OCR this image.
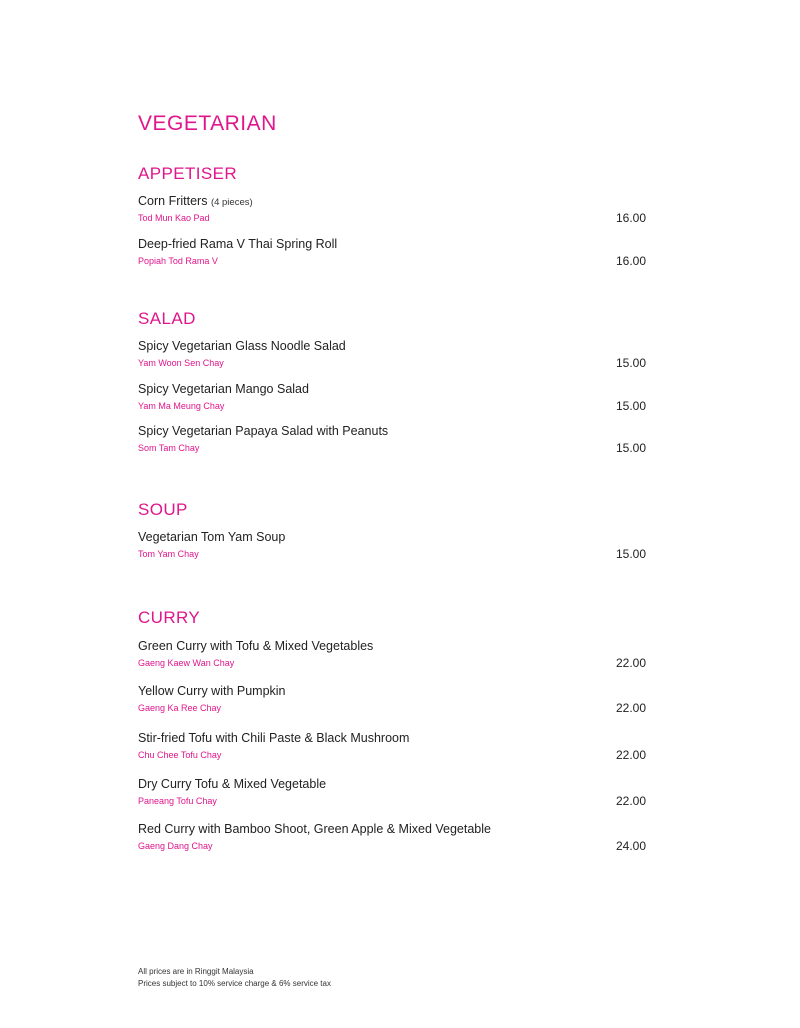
VEGETARIAN
APPETISER
Corn Fritters (4 pieces)
Tod Mun Kao Pad	16.00
Deep-fried Rama V Thai Spring Roll
Popiah Tod Rama V	16.00
SALAD
Spicy Vegetarian Glass Noodle Salad
Yam Woon Sen Chay	15.00
Spicy Vegetarian Mango Salad
Yam Ma Meung Chay	15.00
Spicy Vegetarian Papaya Salad with Peanuts
Som Tam Chay	15.00
SOUP
Vegetarian Tom Yam Soup
Tom Yam Chay	15.00
CURRY
Green Curry with Tofu & Mixed Vegetables
Gaeng Kaew Wan Chay	22.00
Yellow Curry with Pumpkin
Gaeng Ka Ree Chay	22.00
Stir-fried Tofu with Chili Paste & Black Mushroom
Chu Chee Tofu Chay	22.00
Dry Curry Tofu & Mixed Vegetable
Paneang Tofu Chay	22.00
Red Curry with Bamboo Shoot, Green Apple & Mixed Vegetable
Gaeng Dang Chay	24.00
All prices are in Ringgit Malaysia
Prices subject to 10% service charge & 6% service tax
